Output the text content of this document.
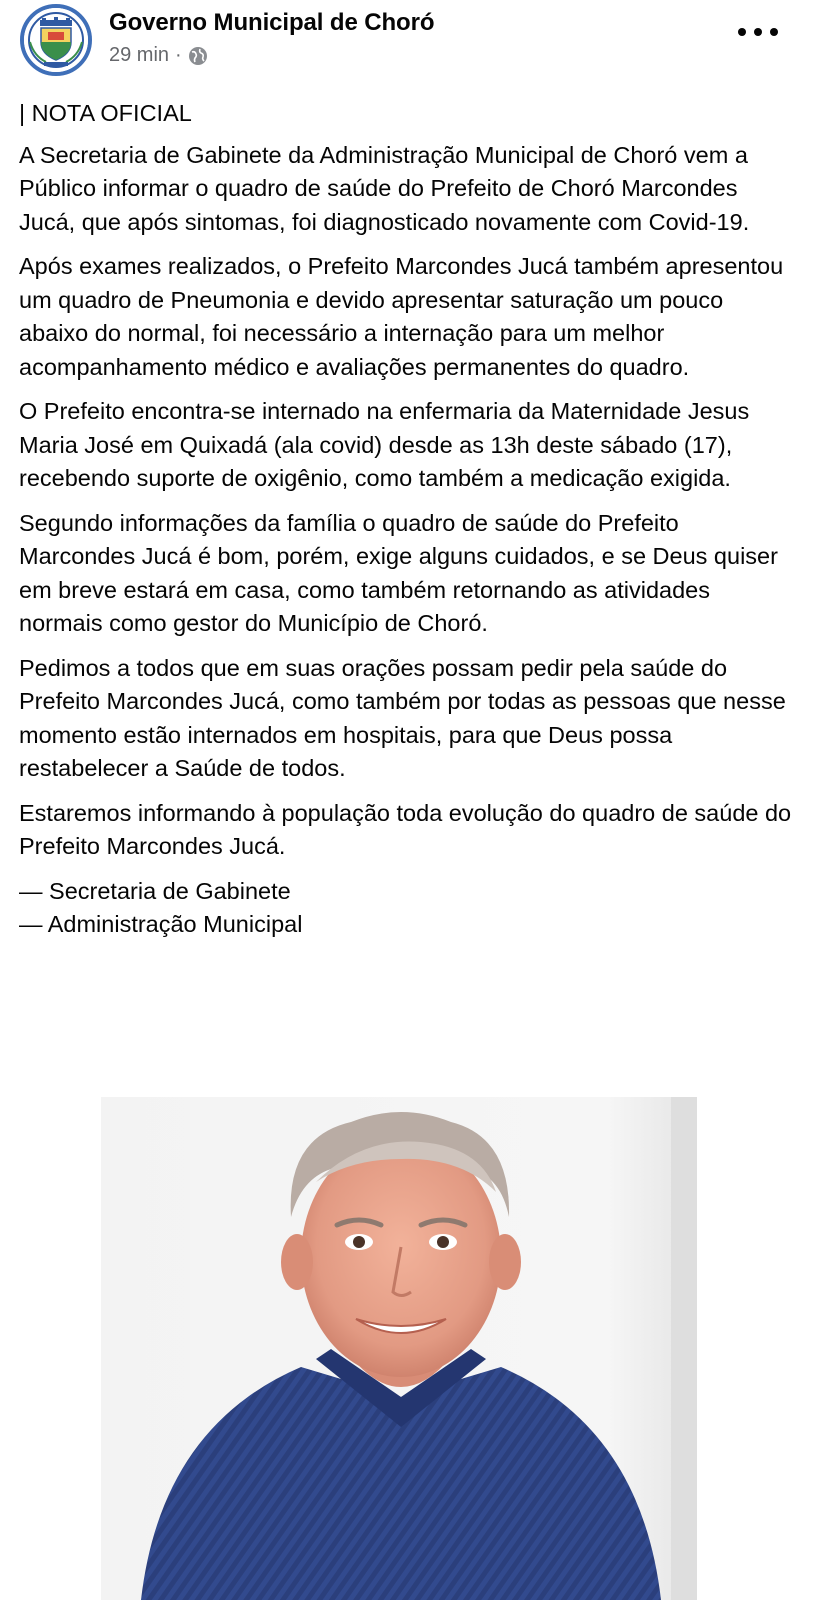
Governo Municipal de Choró
29 min ·

| NOTA OFICIAL

A Secretaria de Gabinete da Administração Municipal de Choró vem a Público informar o quadro de saúde do Prefeito de Choró Marcondes Jucá, que após sintomas, foi diagnosticado novamente com Covid-19.

Após exames realizados, o Prefeito Marcondes Jucá também apresentou um quadro de Pneumonia e devido apresentar saturação um pouco abaixo do normal, foi necessário a internação para um melhor acompanhamento médico e avaliações permanentes do quadro.

O Prefeito encontra-se internado na enfermaria da Maternidade Jesus Maria José em Quixadá (ala covid) desde as 13h deste sábado (17), recebendo suporte de oxigênio, como também a medicação exigida.

Segundo informações da família o quadro de saúde do Prefeito Marcondes Jucá é bom, porém, exige alguns cuidados, e se Deus quiser em breve estará em casa, como também retornando as atividades normais como gestor do Município de Choró.

Pedimos a todos que em suas orações possam pedir pela saúde do Prefeito Marcondes Jucá, como também por todas as pessoas que nesse momento estão internados em hospitais, para que Deus possa restabelecer a Saúde de todos.

Estaremos informando à população toda evolução do quadro de saúde do Prefeito Marcondes Jucá.

— Secretaria de Gabinete

— Administração Municipal
